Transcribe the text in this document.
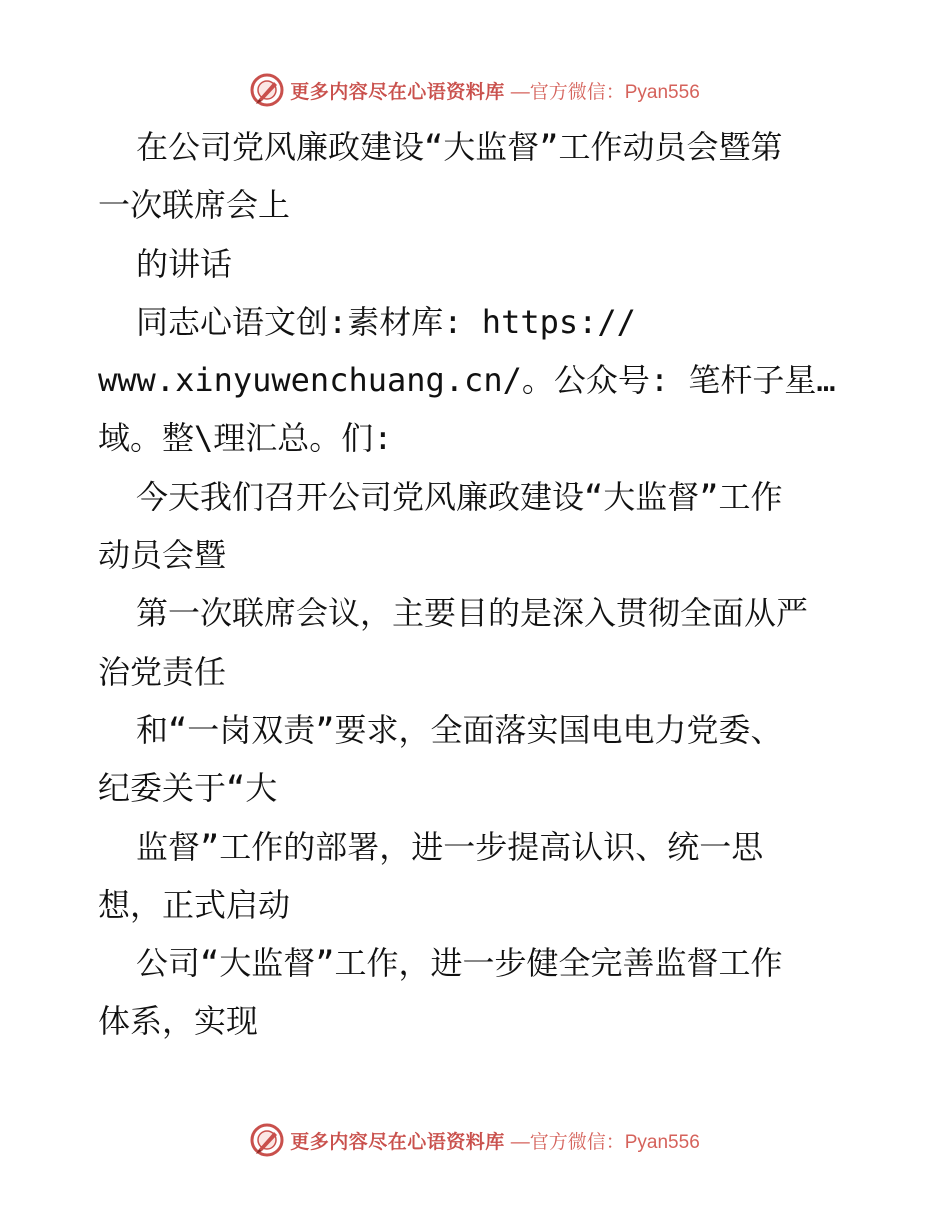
更多内容尽在心语资料库 —官方微信：Pyan556
在公司党风廉政建设“大监督”工作动员会暨第
一次联席会上
的讲话
同志心语文创:素材库: https://
www.xinyuwenchuang.cn/。公众号: 笔杆子星…
域。整\理汇总。们:
今天我们召开公司党风廉政建设“大监督”工作
动员会暨
第一次联席会议，主要目的是深入贯彻全面从严
治党责任
和“一岗双责”要求，全面落实国电电力党委、
纪委关于“大
监督”工作的部署，进一步提高认识、统一思
想，正式启动
公司“大监督”工作，进一步健全完善监督工作
体系，实现
更多内容尽在心语资料库 —官方微信：Pyan556
